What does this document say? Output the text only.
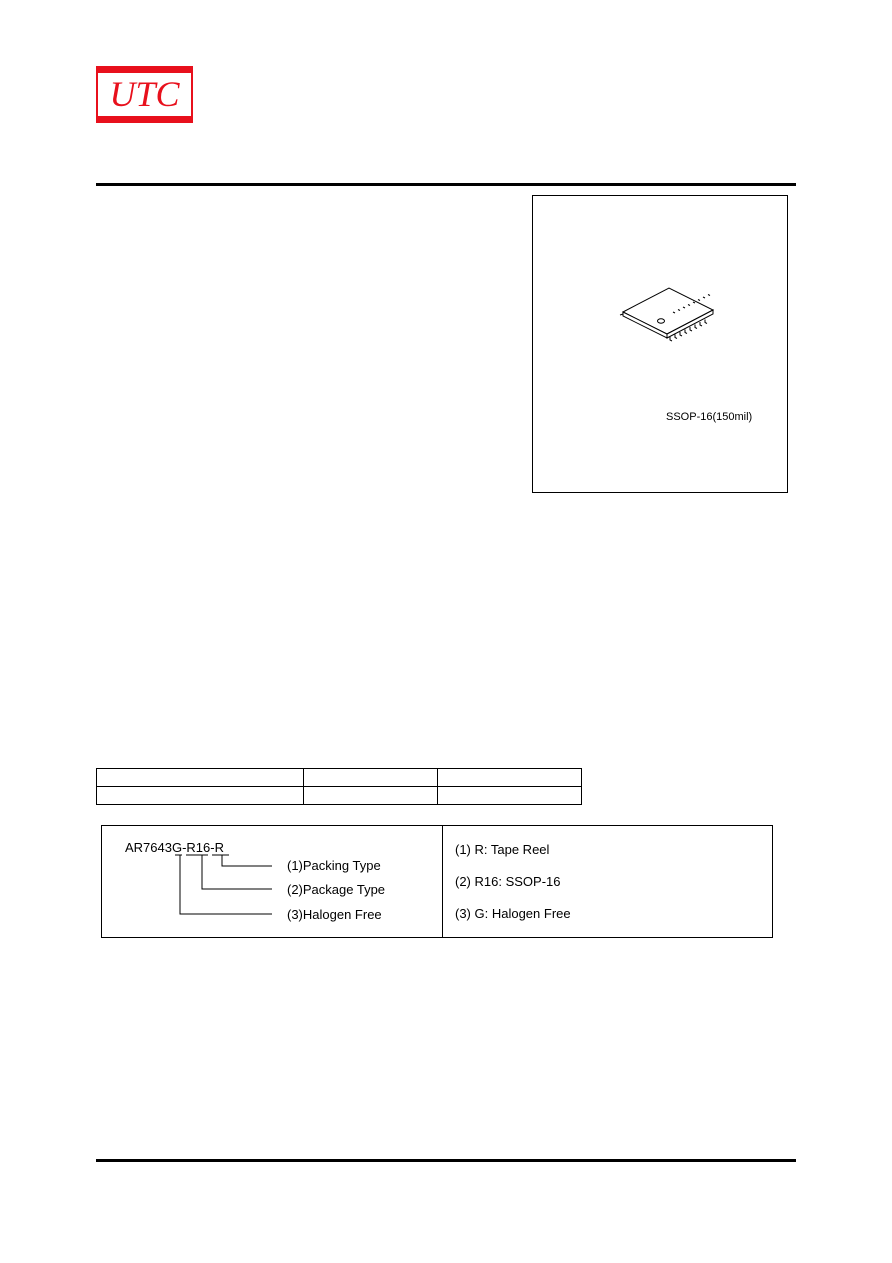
UTC
SSOP-16(150mil)

AR7643G-R16-R
(1)Packing Type
(2)Package Type
(3)Halogen Free
(1) R: Tape Reel
(2) R16: SSOP-16
(3) G: Halogen Free
